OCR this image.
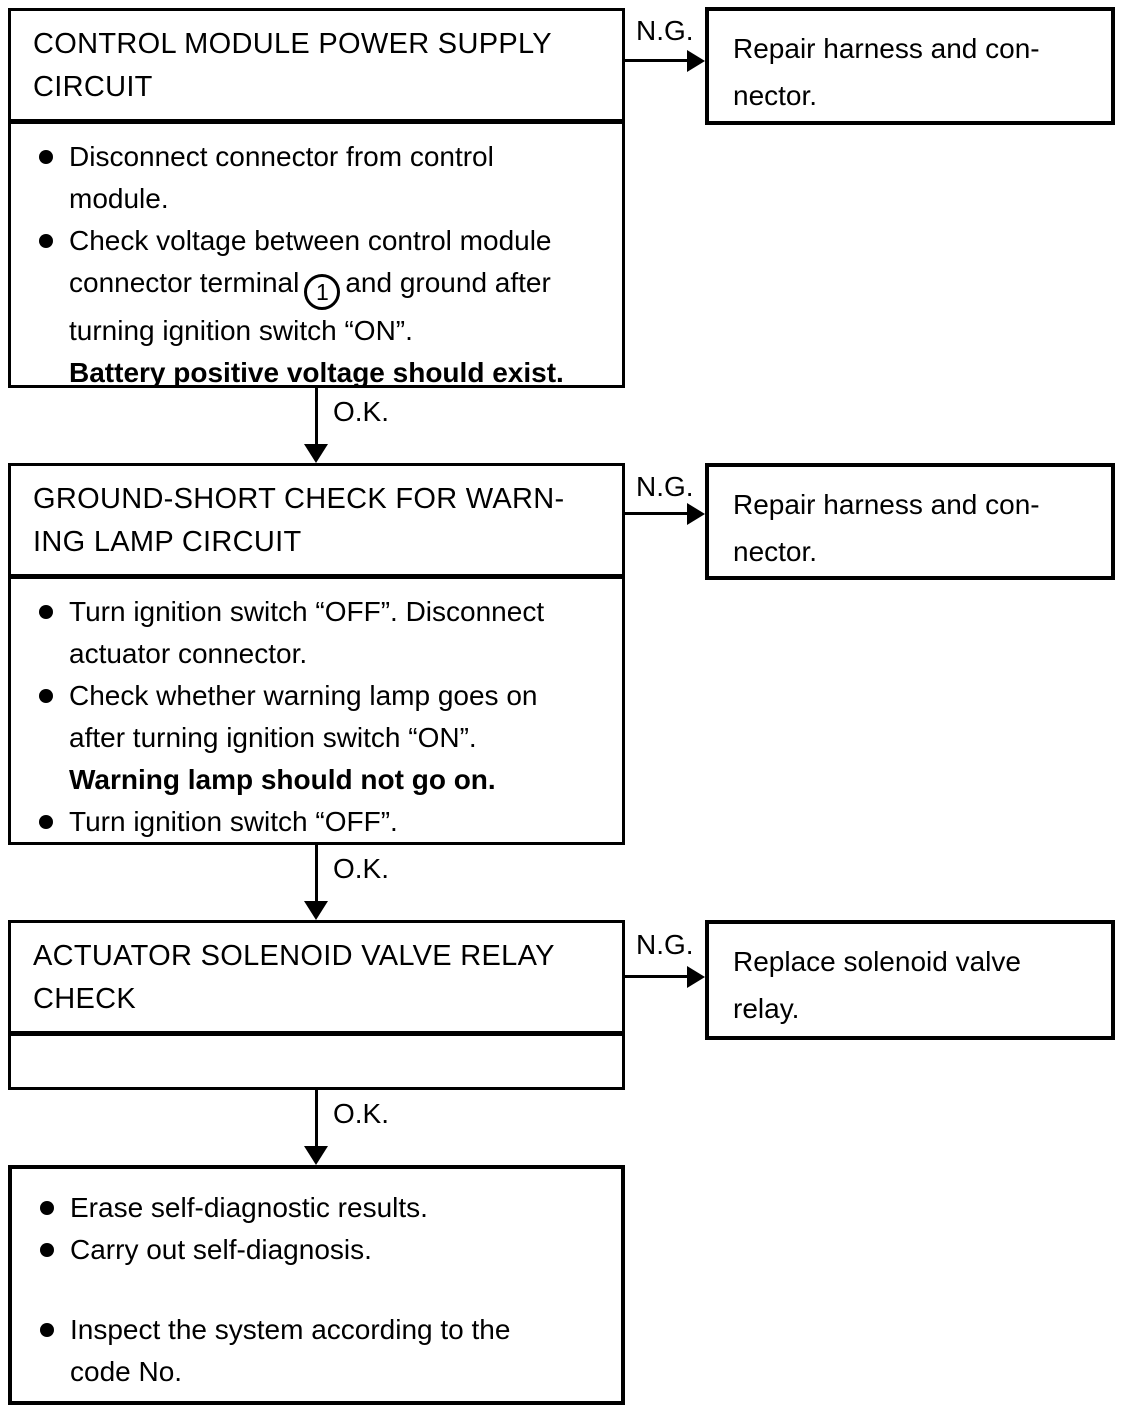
CONTROL MODULE POWER SUPPLY
CIRCUIT
Disconnect connector from control
module.
Check voltage between control module
connector terminal 1 and ground after
turning ignition switch “ON”.
Battery positive voltage should exist.
N.G.
Repair harness and con-
nector.
O.K.
GROUND-SHORT CHECK FOR WARN-
ING LAMP CIRCUIT
Turn ignition switch “OFF”. Disconnect
actuator connector.
Check whether warning lamp goes on
after turning ignition switch “ON”.
Warning lamp should not go on.
Turn ignition switch “OFF”.
N.G.
Repair harness and con-
nector.
O.K.
ACTUATOR SOLENOID VALVE RELAY
CHECK
N.G.
Replace solenoid valve
relay.
O.K.
Erase self-diagnostic results.
Carry out self-diagnosis.
Inspect the system according to the
code No.
